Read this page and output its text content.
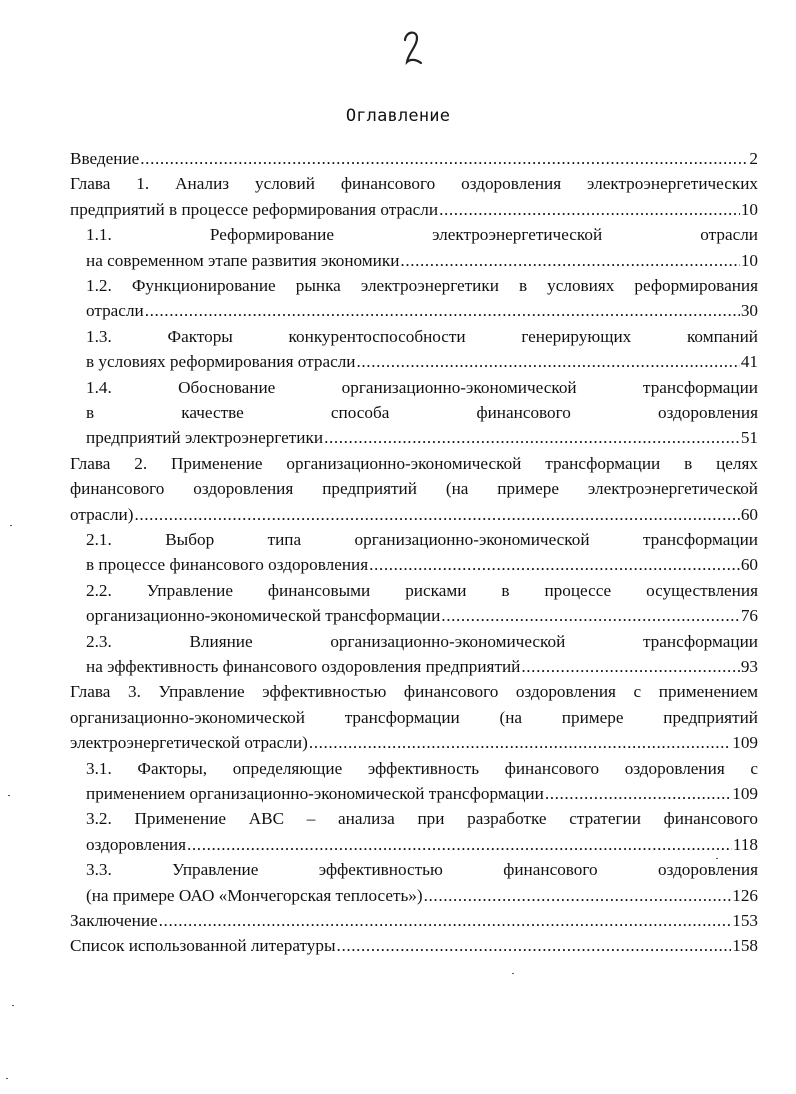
Оглавление
Введение .....	2
Глава 1. Анализ условий финансового оздоровления электроэнергетических
предприятий в процессе реформирования отрасли .....	10
1.1. Реформирование электроэнергетической отрасли
на современном этапе развития экономики .....	10
1.2. Функционирование рынка электроэнергетики в условиях реформирования
отрасли .....	30
1.3. Факторы конкурентоспособности генерирующих компаний
в условиях реформирования отрасли .....	41
1.4. Обоснование организационно-экономической трансформации
в качестве способа финансового оздоровления
предприятий электроэнергетики .....	51
Глава 2. Применение организационно-экономической трансформации в целях
финансового оздоровления предприятий (на примере электроэнергетической
отрасли) .....	60
2.1. Выбор типа организационно-экономической трансформации
в процессе финансового оздоровления .....	60
2.2. Управление финансовыми рисками в процессе осуществления
организационно-экономической трансформации .....	76
2.3. Влияние организационно-экономической трансформации
на эффективность финансового оздоровления предприятий .....	93
Глава 3. Управление эффективностью финансового оздоровления с применением
организационно-экономической трансформации (на примере предприятий
электроэнергетической отрасли) .....	109
3.1. Факторы, определяющие эффективность финансового оздоровления с
применением организационно-экономической трансформации .....	109
3.2. Применение АВС – анализа при разработке стратегии финансового
оздоровления .....	118
3.3. Управление эффективностью финансового оздоровления
(на примере ОАО «Мончегорская теплосеть») .....	126
Заключение .....	153
Список использованной литературы .....	158
